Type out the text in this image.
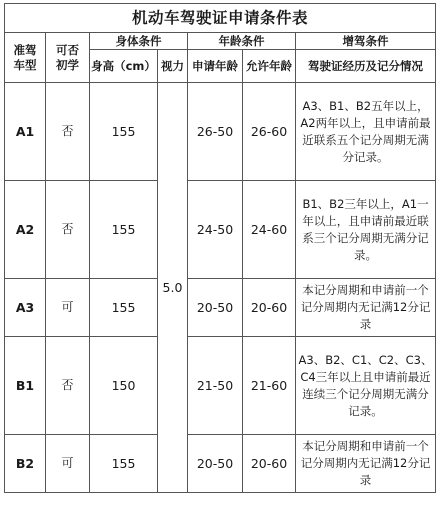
机动车驾驶证申请条件表						
准驾车型	可否初学	身体条件		年龄条件		增驾条件
		身高（cm）	视力	申请年龄	允许年龄	驾驶证经历及记分情况
A1	否	155	5.0	26-50	26-60	A3、B1、B2五年以上，A2两年以上，且申请前最近联系五个记分周期无满分记录。
A2	否	155		24-50	24-60	B1、B2三年以上，A1一年以上，且申请前最近联系三个记分周期无满分记录。
A3	可	155		20-50	20-60	本记分周期和申请前一个记分周期内无记满12分记录
B1	否	150		21-50	21-60	A3、B2、C1、C2、C3、C4三年以上且申请前最近连续三个记分周期无满分记录。
B2	可	155		20-50	20-60	本记分周期和申请前一个记分周期内无记满12分记录
